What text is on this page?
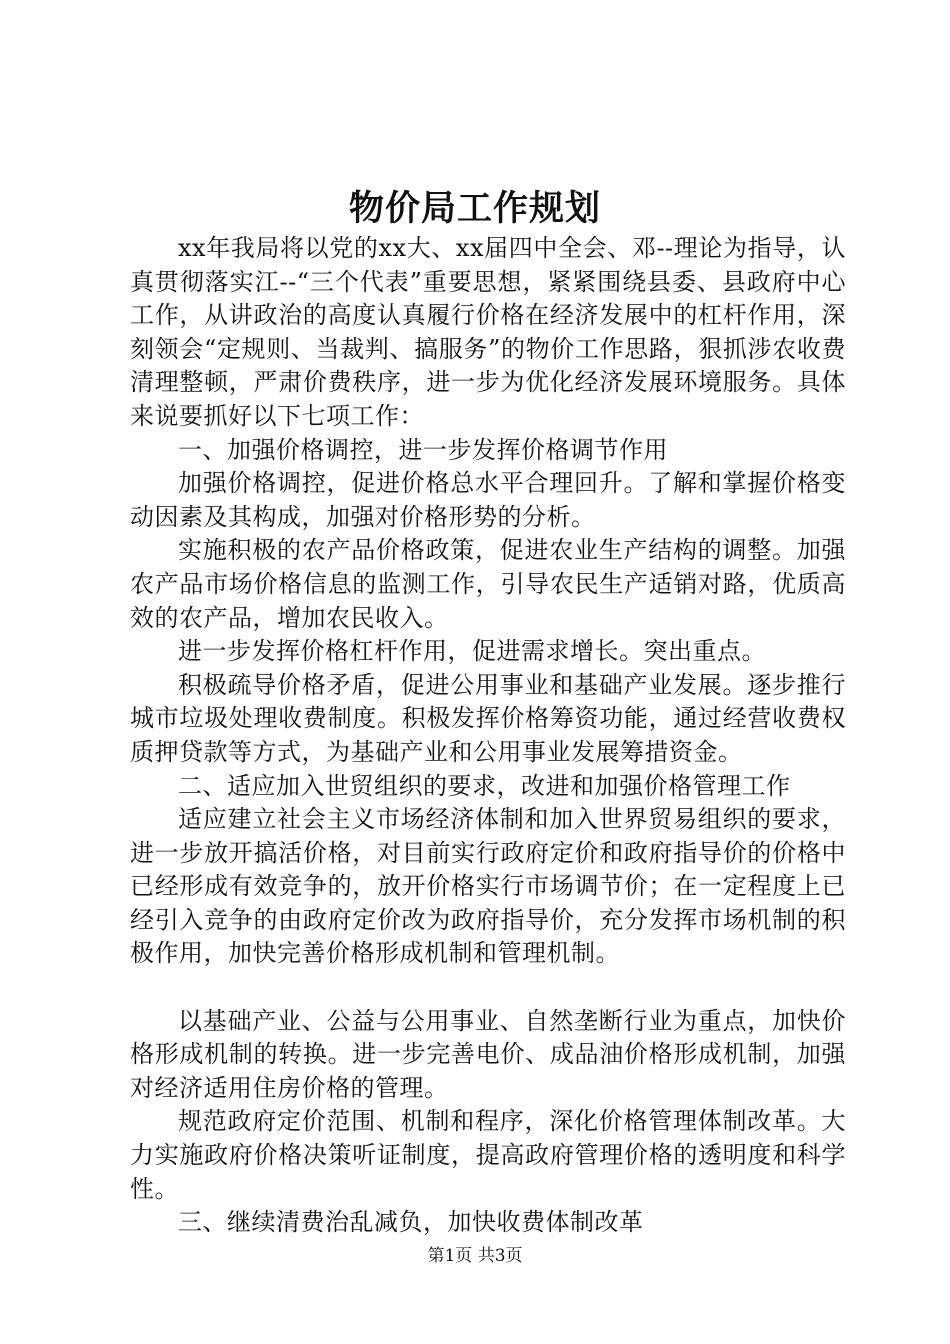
物价局工作规划

xx年我局将以党的xx大、xx届四中全会、邓--理论为指导，认真贯彻落实江--“三个代表”重要思想，紧紧围绕县委、县政府中心工作，从讲政治的高度认真履行价格在经济发展中的杠杆作用，深刻领会“定规则、当裁判、搞服务”的物价工作思路，狠抓涉农收费清理整顿，严肃价费秩序，进一步为优化经济发展环境服务。具体来说要抓好以下七项工作：

一、加强价格调控，进一步发挥价格调节作用

加强价格调控，促进价格总水平合理回升。了解和掌握价格变动因素及其构成，加强对价格形势的分析。

实施积极的农产品价格政策，促进农业生产结构的调整。加强农产品市场价格信息的监测工作，引导农民生产适销对路，优质高效的农产品，增加农民收入。

进一步发挥价格杠杆作用，促进需求增长。突出重点。

积极疏导价格矛盾，促进公用事业和基础产业发展。逐步推行城市垃圾处理收费制度。积极发挥价格筹资功能，通过经营收费权质押贷款等方式，为基础产业和公用事业发展筹措资金。

二、适应加入世贸组织的要求，改进和加强价格管理工作

适应建立社会主义市场经济体制和加入世界贸易组织的要求，进一步放开搞活价格，对目前实行政府定价和政府指导价的价格中已经形成有效竞争的，放开价格实行市场调节价；在一定程度上已经引入竞争的由政府定价改为政府指导价，充分发挥市场机制的积极作用，加快完善价格形成机制和管理机制。

以基础产业、公益与公用事业、自然垄断行业为重点，加快价格形成机制的转换。进一步完善电价、成品油价格形成机制，加强对经济适用住房价格的管理。

规范政府定价范围、机制和程序，深化价格管理体制改革。大力实施政府价格决策听证制度，提高政府管理价格的透明度和科学性。

三、继续清费治乱减负，加快收费体制改革

第1页 共3页
